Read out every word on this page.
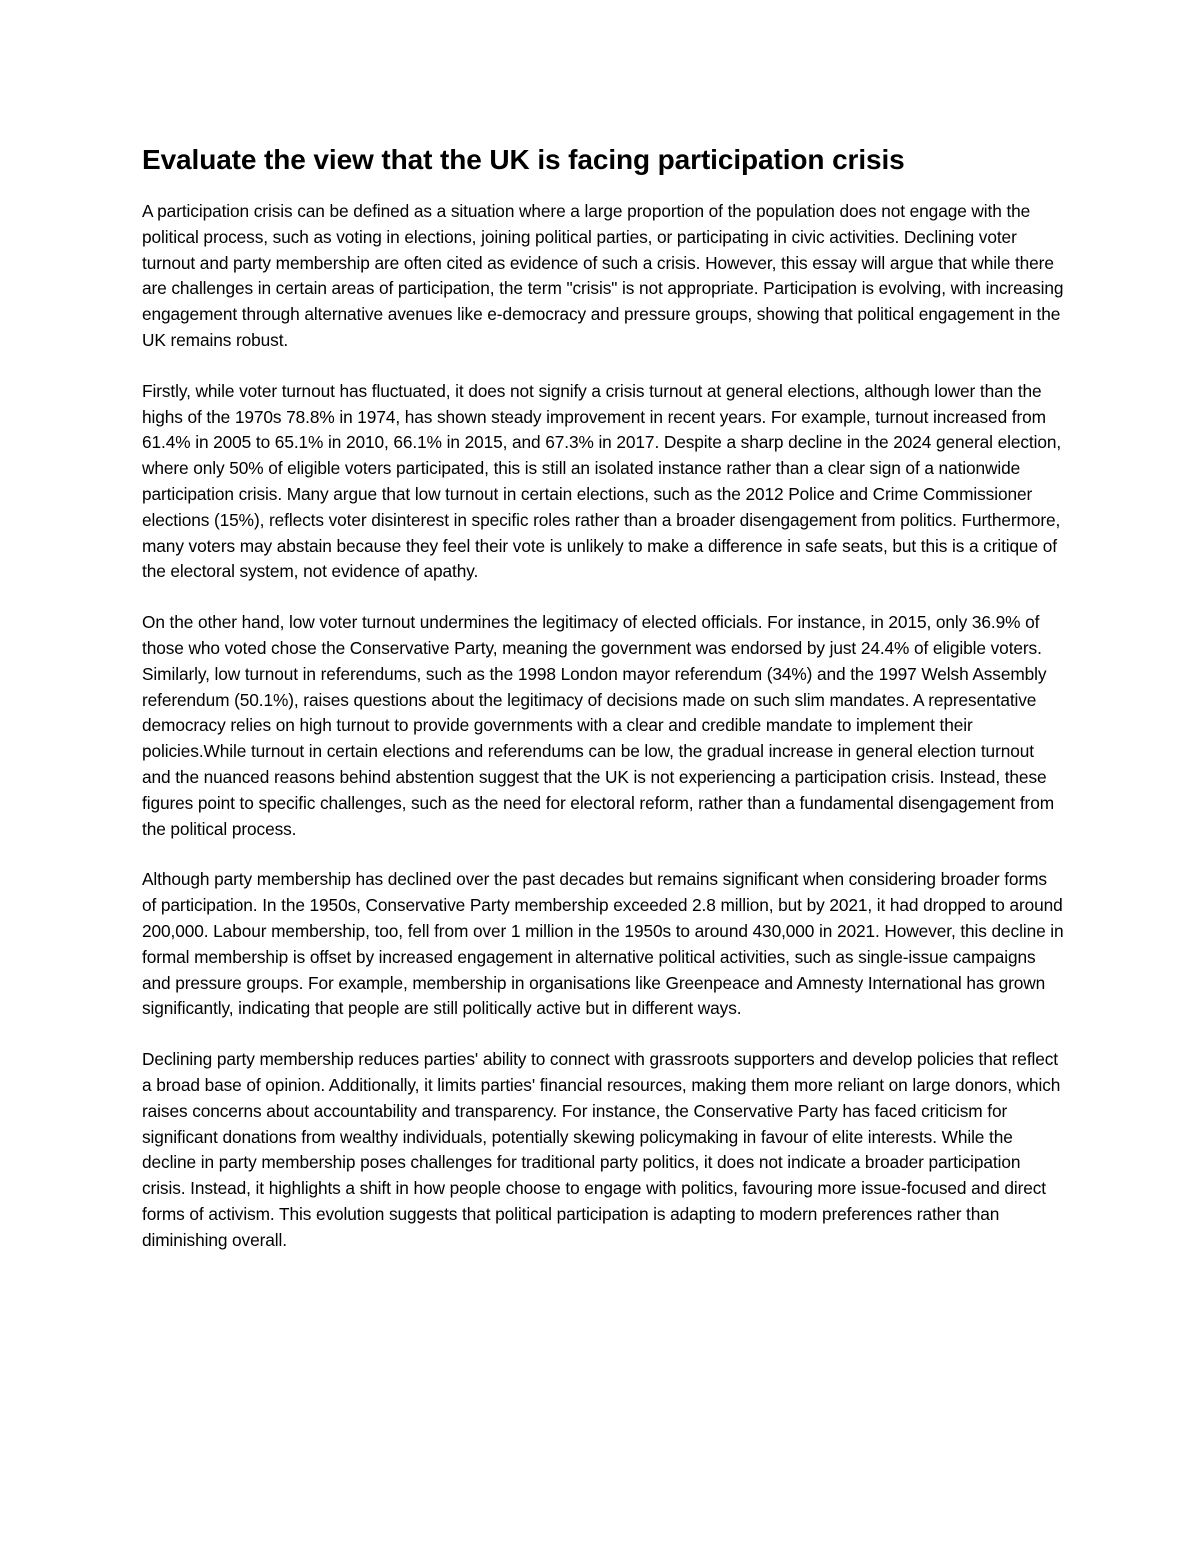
Evaluate the view that the UK is facing participation crisis

A participation crisis can be defined as a situation where a large proportion of the population does not engage with the political process, such as voting in elections, joining political parties, or participating in civic activities. Declining voter turnout and party membership are often cited as evidence of such a crisis. However, this essay will argue that while there are challenges in certain areas of participation, the term "crisis" is not appropriate. Participation is evolving, with increasing engagement through alternative avenues like e-democracy and pressure groups, showing that political engagement in the UK remains robust.

Firstly, while voter turnout has fluctuated, it does not signify a crisis turnout at general elections, although lower than the highs of the 1970s 78.8% in 1974, has shown steady improvement in recent years. For example, turnout increased from 61.4% in 2005 to 65.1% in 2010, 66.1% in 2015, and 67.3% in 2017. Despite a sharp decline in the 2024 general election, where only 50% of eligible voters participated, this is still an isolated instance rather than a clear sign of a nationwide participation crisis. Many argue that low turnout in certain elections, such as the 2012 Police and Crime Commissioner elections (15%), reflects voter disinterest in specific roles rather than a broader disengagement from politics. Furthermore, many voters may abstain because they feel their vote is unlikely to make a difference in safe seats, but this is a critique of the electoral system, not evidence of apathy.

On the other hand, low voter turnout undermines the legitimacy of elected officials. For instance, in 2015, only 36.9% of those who voted chose the Conservative Party, meaning the government was endorsed by just 24.4% of eligible voters. Similarly, low turnout in referendums, such as the 1998 London mayor referendum (34%) and the 1997 Welsh Assembly referendum (50.1%), raises questions about the legitimacy of decisions made on such slim mandates. A representative democracy relies on high turnout to provide governments with a clear and credible mandate to implement their policies.While turnout in certain elections and referendums can be low, the gradual increase in general election turnout and the nuanced reasons behind abstention suggest that the UK is not experiencing a participation crisis. Instead, these figures point to specific challenges, such as the need for electoral reform, rather than a fundamental disengagement from the political process.

Although party membership has declined over the past decades but remains significant when considering broader forms of participation. In the 1950s, Conservative Party membership exceeded 2.8 million, but by 2021, it had dropped to around 200,000. Labour membership, too, fell from over 1 million in the 1950s to around 430,000 in 2021. However, this decline in formal membership is offset by increased engagement in alternative political activities, such as single-issue campaigns and pressure groups. For example, membership in organisations like Greenpeace and Amnesty International has grown significantly, indicating that people are still politically active but in different ways.

Declining party membership reduces parties' ability to connect with grassroots supporters and develop policies that reflect a broad base of opinion. Additionally, it limits parties' financial resources, making them more reliant on large donors, which raises concerns about accountability and transparency. For instance, the Conservative Party has faced criticism for significant donations from wealthy individuals, potentially skewing policymaking in favour of elite interests. While the decline in party membership poses challenges for traditional party politics, it does not indicate a broader participation crisis. Instead, it highlights a shift in how people choose to engage with politics, favouring more issue-focused and direct forms of activism. This evolution suggests that political participation is adapting to modern preferences rather than diminishing overall.
